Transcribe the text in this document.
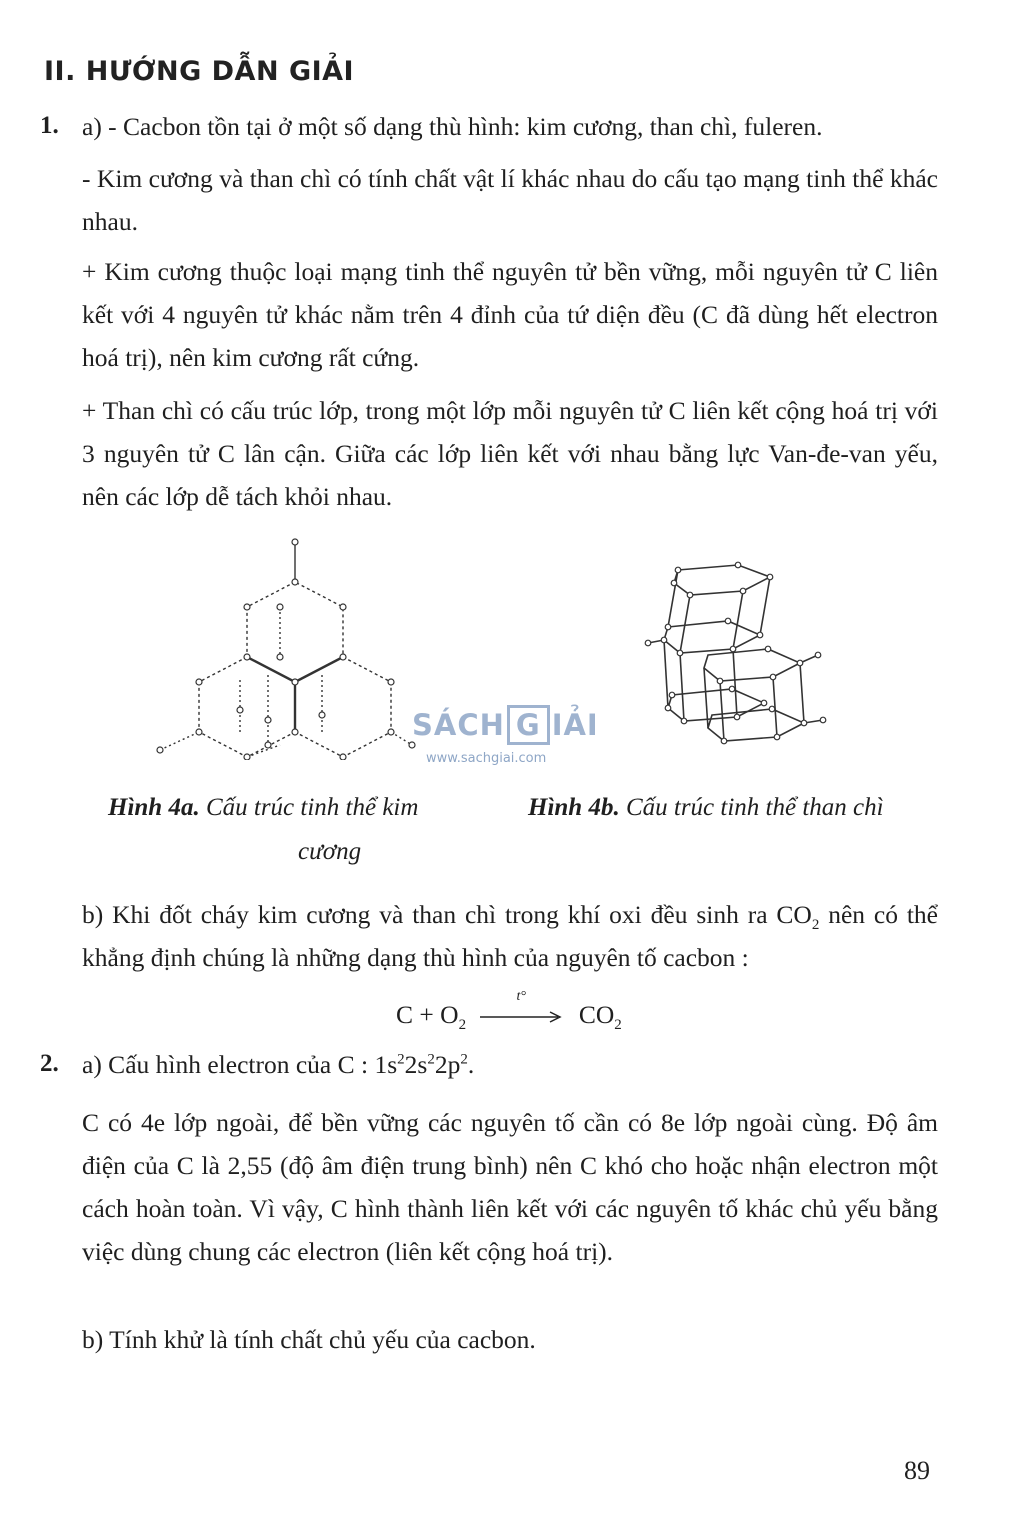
II. HƯỚNG DẪN GIẢI
1. a) - Cacbon tồn tại ở một số dạng thù hình: kim cương, than chì, fuleren.
- Kim cương và than chì có tính chất vật lí khác nhau do cấu tạo mạng tinh thể khác nhau.
+ Kim cương thuộc loại mạng tinh thể nguyên tử bền vững, mỗi nguyên tử C liên kết với 4 nguyên tử khác nằm trên 4 đỉnh của tứ diện đều (C đã dùng hết electron hoá trị), nên kim cương rất cứng.
+ Than chì có cấu trúc lớp, trong một lớp mỗi nguyên tử C liên kết cộng hoá trị với 3 nguyên tử C lân cận. Giữa các lớp liên kết với nhau bằng lực Van-đe-van yếu, nên các lớp dễ tách khỏi nhau.
SÁCH G IẢI
www.sachgiai.com
Hình 4a. Cấu trúc tinh thể kim
cương
Hình 4b. Cấu trúc tinh thể than chì
b) Khi đốt cháy kim cương và than chì trong khí oxi đều sinh ra $CO_2$ nên có thể khẳng định chúng là những dạng thù hình của nguyên tố cacbon :
$C + O_2$
t°
$CO_2$
2. a) Cấu hình electron của C : $1s^22s^22p^2$.
C có 4e lớp ngoài, để bền vững các nguyên tố cần có 8e lớp ngoài cùng. Độ âm điện của C là 2,55 (độ âm điện trung bình) nên C khó cho hoặc nhận electron một cách hoàn toàn. Vì vậy, C hình thành liên kết với các nguyên tố khác chủ yếu bằng việc dùng chung các electron (liên kết cộng hoá trị).
b) Tính khử là tính chất chủ yếu của cacbon.
89
